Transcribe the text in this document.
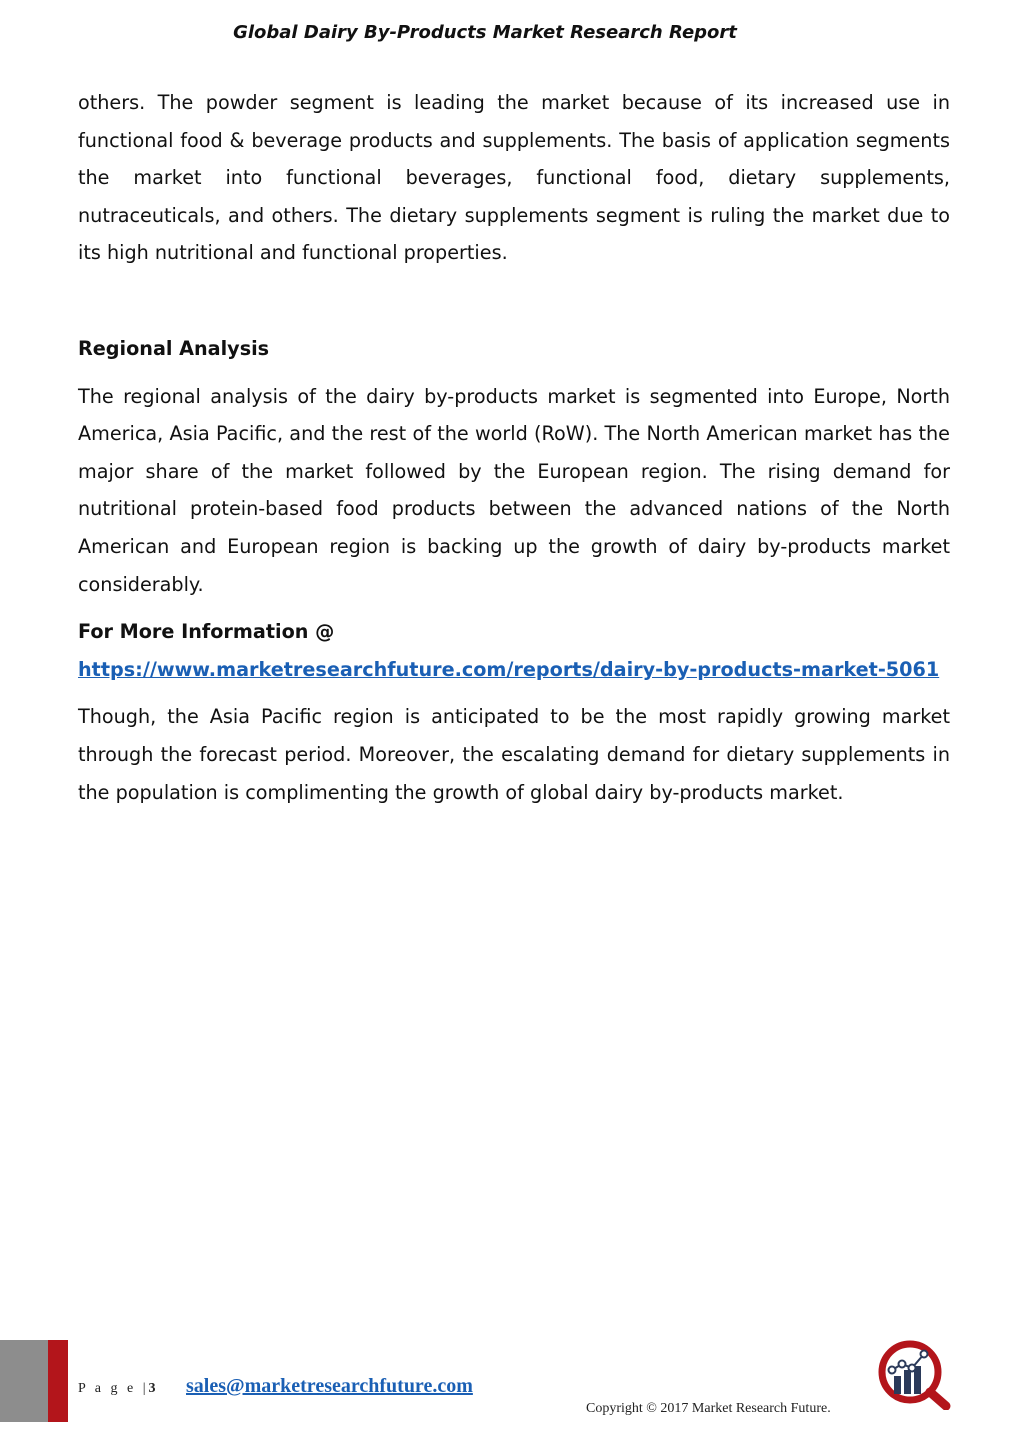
Global Dairy By-Products Market Research Report

others. The powder segment is leading the market because of its increased use in functional food & beverage products and supplements. The basis of application segments the market into functional beverages, functional food, dietary supplements, nutraceuticals, and others. The dietary supplements segment is ruling the market due to its high nutritional and functional properties.

Regional Analysis

The regional analysis of the dairy by-products market is segmented into Europe, North America, Asia Pacific, and the rest of the world (RoW). The North American market has the major share of the market followed by the European region. The rising demand for nutritional protein-based food products between the advanced nations of the North American and European region is backing up the growth of dairy by-products market considerably.

For More Information @

https://www.marketresearchfuture.com/reports/dairy-by-products-market-5061

Though, the Asia Pacific region is anticipated to be the most rapidly growing market through the forecast period. Moreover, the escalating demand for dietary supplements in the population is complimenting the growth of global dairy by-products market.

P a g e |3 sales@marketresearchfuture.com
Copyright © 2017 Market Research Future.
